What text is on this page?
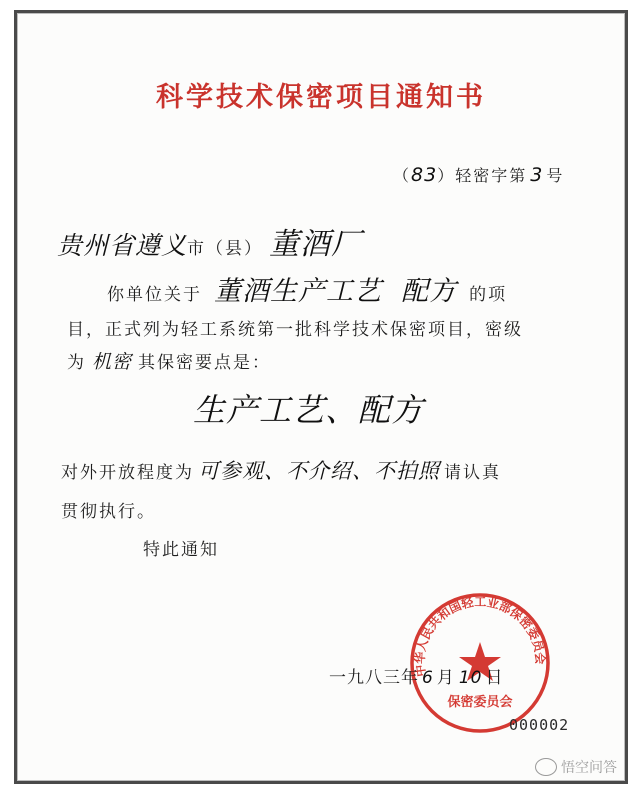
科学技术保密项目通知书
（83）轻密字第 3 号
贵州省遵义市（县） 董酒厂
你单位关于 董酒生产工艺  配方 的项
目，正式列为轻工系统第一批科学技术保密项目，密级
为 机密 其保密要点是：
生产工艺、配方
对外开放程度为 可参观、不介绍、不拍照 请认真
贯彻执行。
特此通知
中华人民共和国轻工业部保密委员会
保密委员会
一九八三年 6 月 10 日
000002
悟空问答
